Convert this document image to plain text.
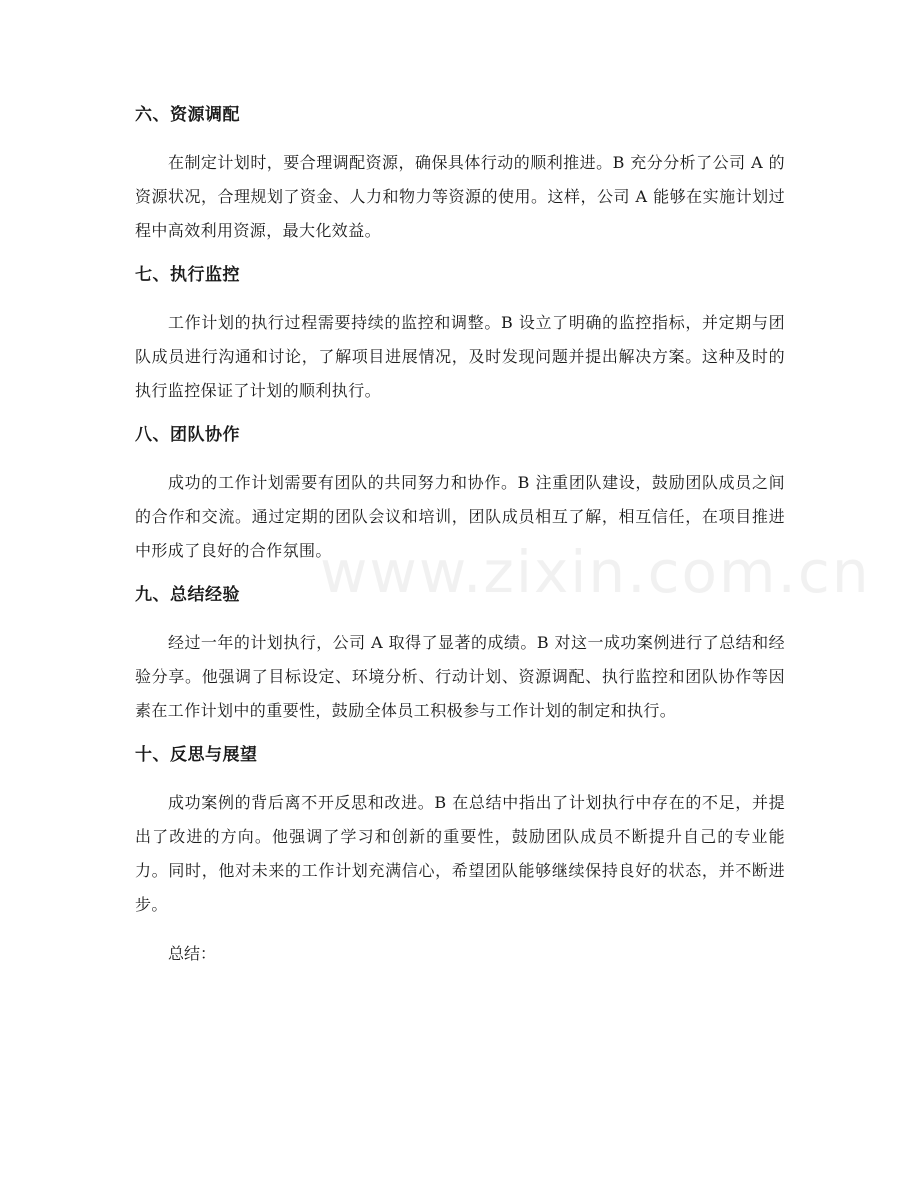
六、资源调配

在制定计划时，要合理调配资源，确保具体行动的顺利推进。B 充分分析了公司 A 的资源状况，合理规划了资金、人力和物力等资源的使用。这样，公司 A 能够在实施计划过程中高效利用资源，最大化效益。

七、执行监控

工作计划的执行过程需要持续的监控和调整。B 设立了明确的监控指标，并定期与团队成员进行沟通和讨论，了解项目进展情况，及时发现问题并提出解决方案。这种及时的执行监控保证了计划的顺利执行。

八、团队协作

成功的工作计划需要有团队的共同努力和协作。B 注重团队建设，鼓励团队成员之间的合作和交流。通过定期的团队会议和培训，团队成员相互了解，相互信任，在项目推进中形成了良好的合作氛围。

九、总结经验

经过一年的计划执行，公司 A 取得了显著的成绩。B 对这一成功案例进行了总结和经验分享。他强调了目标设定、环境分析、行动计划、资源调配、执行监控和团队协作等因素在工作计划中的重要性，鼓励全体员工积极参与工作计划的制定和执行。

十、反思与展望

成功案例的背后离不开反思和改进。B 在总结中指出了计划执行中存在的不足，并提出了改进的方向。他强调了学习和创新的重要性，鼓励团队成员不断提升自己的专业能力。同时，他对未来的工作计划充满信心，希望团队能够继续保持良好的状态，并不断进步。

总结：

www.zixin.com.cn
